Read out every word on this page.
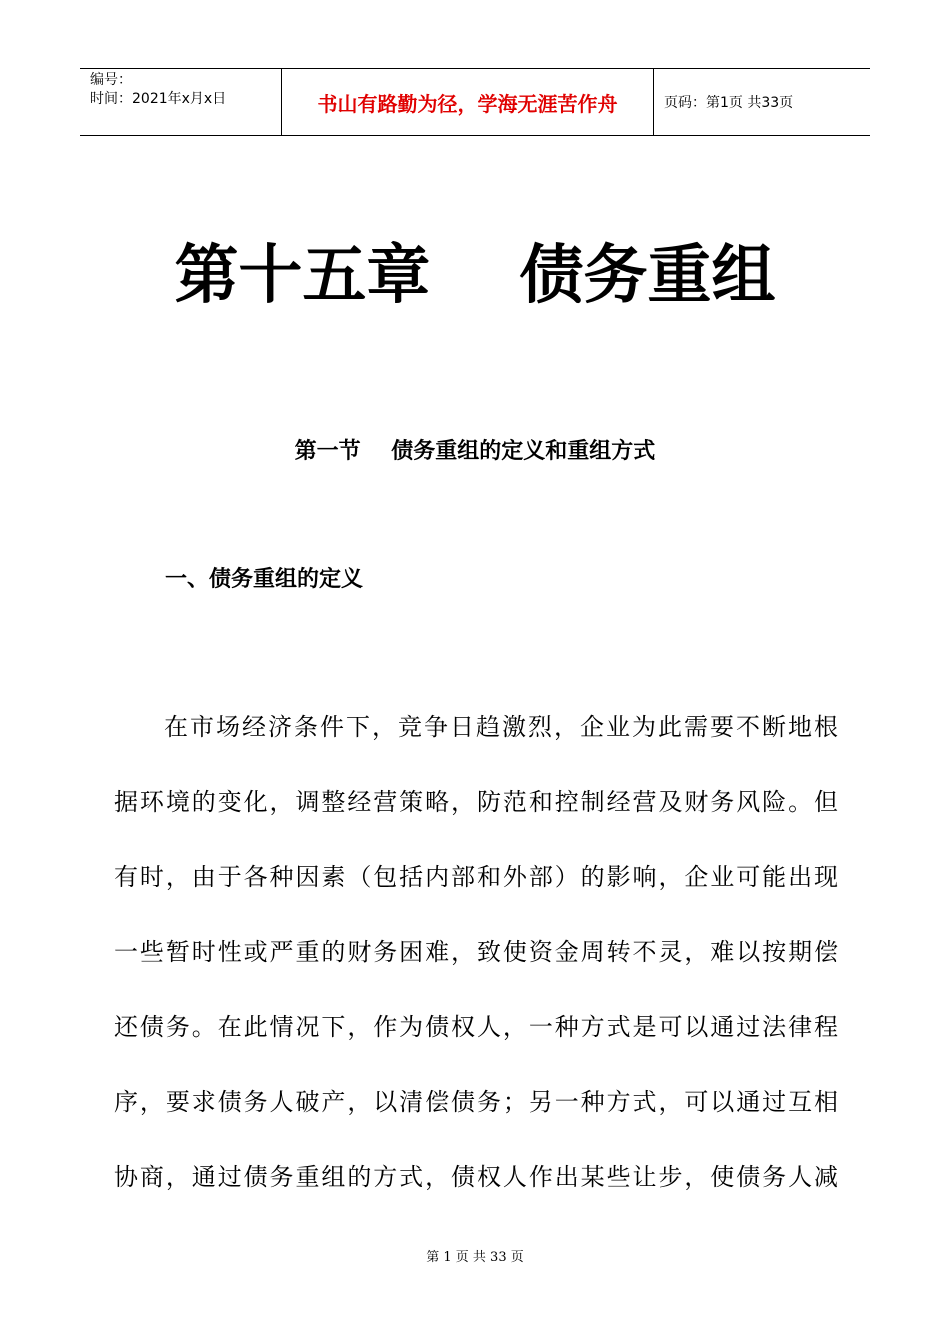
编号：
时间：2021年x月x日	书山有路勤为径，学海无涯苦作舟	页码：第1页 共33页
第十五章    债务重组
第一节    债务重组的定义和重组方式
一、债务重组的定义
在市场经济条件下，竞争日趋激烈，企业为此需要不断地根
据环境的变化，调整经营策略，防范和控制经营及财务风险。但
有时，由于各种因素（包括内部和外部）的影响，企业可能出现
一些暂时性或严重的财务困难，致使资金周转不灵，难以按期偿
还债务。在此情况下，作为债权人，一种方式是可以通过法律程
序，要求债务人破产，以清偿债务；另一种方式，可以通过互相
协商，通过债务重组的方式，债权人作出某些让步，使债务人减
第 1 页 共 33 页
